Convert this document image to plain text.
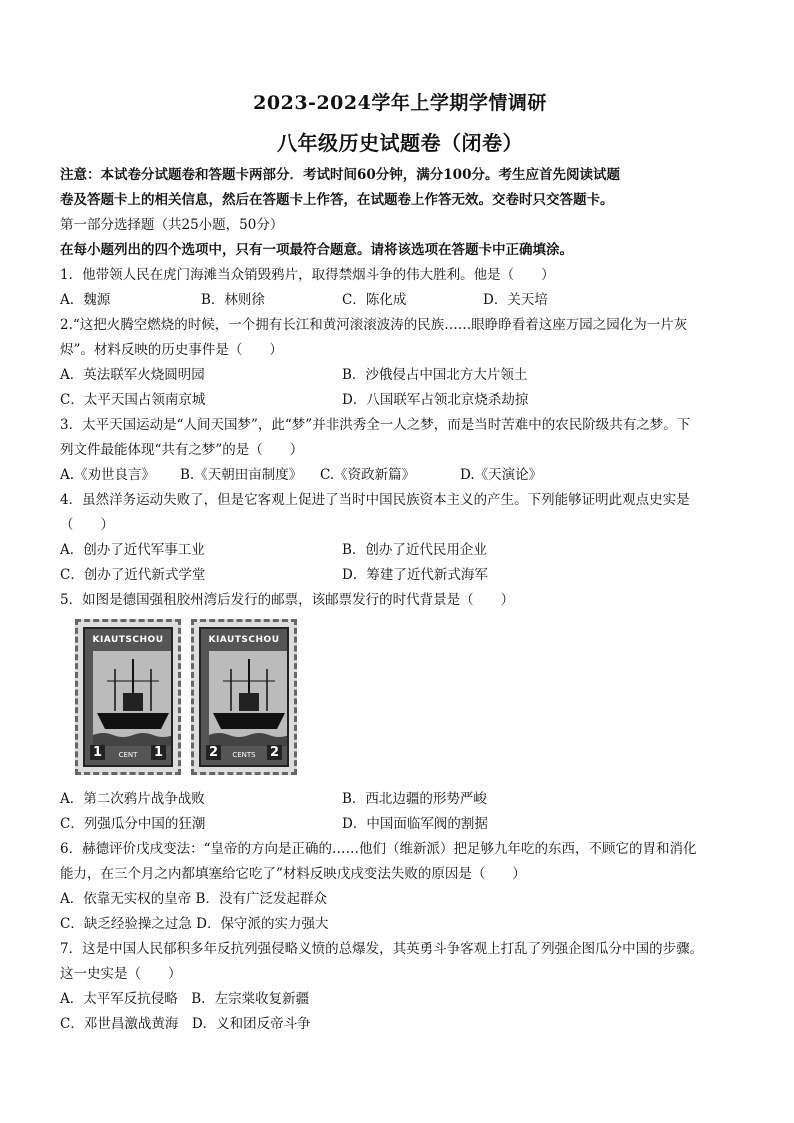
2023-2024学年上学期学情调研
八年级历史试题卷（闭卷）
注意：本试卷分试题卷和答题卡两部分．考试时间60分钟，满分100分。考生应首先阅读试题
卷及答题卡上的相关信息，然后在答题卡上作答，在试题卷上作答无效。交卷时只交答题卡。
第一部分选择题（共25小题，50分）
在每小题列出的四个选项中，只有一项最符合题意。请将该选项在答题卡中正确填涂。
1．他带领人民在虎门海滩当众销毁鸦片，取得禁烟斗争的伟大胜利。他是（　　）
A．魏源	B．林则徐	C．陈化成	D．关天培
2.“这把火腾空燃烧的时候，一个拥有长江和黄河滚滚波涛的民族……眼睁睁看着这座万园之园化为一片灰
烬”。材料反映的历史事件是（　　）
A．英法联军火烧圆明园	B．沙俄侵占中国北方大片领土
C．太平天国占领南京城	D．八国联军占领北京烧杀劫掠
3．太平天国运动是“人间天国梦”，此“梦”并非洪秀全一人之梦，而是当时苦难中的农民阶级共有之梦。下
列文件最能体现“共有之梦”的是（　　）
A.《劝世良言》	B.《天朝田亩制度》	C.《资政新篇》	D.《天演论》
4．虽然洋务运动失败了，但是它客观上促进了当时中国民族资本主义的产生。下列能够证明此观点史实是
（　　）
A．创办了近代军事工业	B．创办了近代民用企业
C．创办了近代新式学堂	D．筹建了近代新式海军
5．如图是德国强租胶州湾后发行的邮票，该邮票发行的时代背景是（　　）
KIAUTSCHOU
1	CENT	1
KIAUTSCHOU
2	CENTS	2
A．第二次鸦片战争战败	B．西北边疆的形势严峻
C．列强瓜分中国的狂潮	D．中国面临军阀的割据
6．赫德评价戊戌变法：“皇帝的方向是正确的……他们（维新派）把足够九年吃的东西，不顾它的胃和消化
能力，在三个月之内都填塞给它吃了”材料反映戊戌变法失败的原因是（　　）
A．依靠无实权的皇帝 B．没有广泛发起群众
C．缺乏经验操之过急 D．保守派的实力强大
7．这是中国人民郁积多年反抗列强侵略义愤的总爆发，其英勇斗争客观上打乱了列强企图瓜分中国的步骤。
这一史实是（　　）
A．太平军反抗侵略　B．左宗棠收复新疆
C．邓世昌激战黄海　D．义和团反帝斗争
